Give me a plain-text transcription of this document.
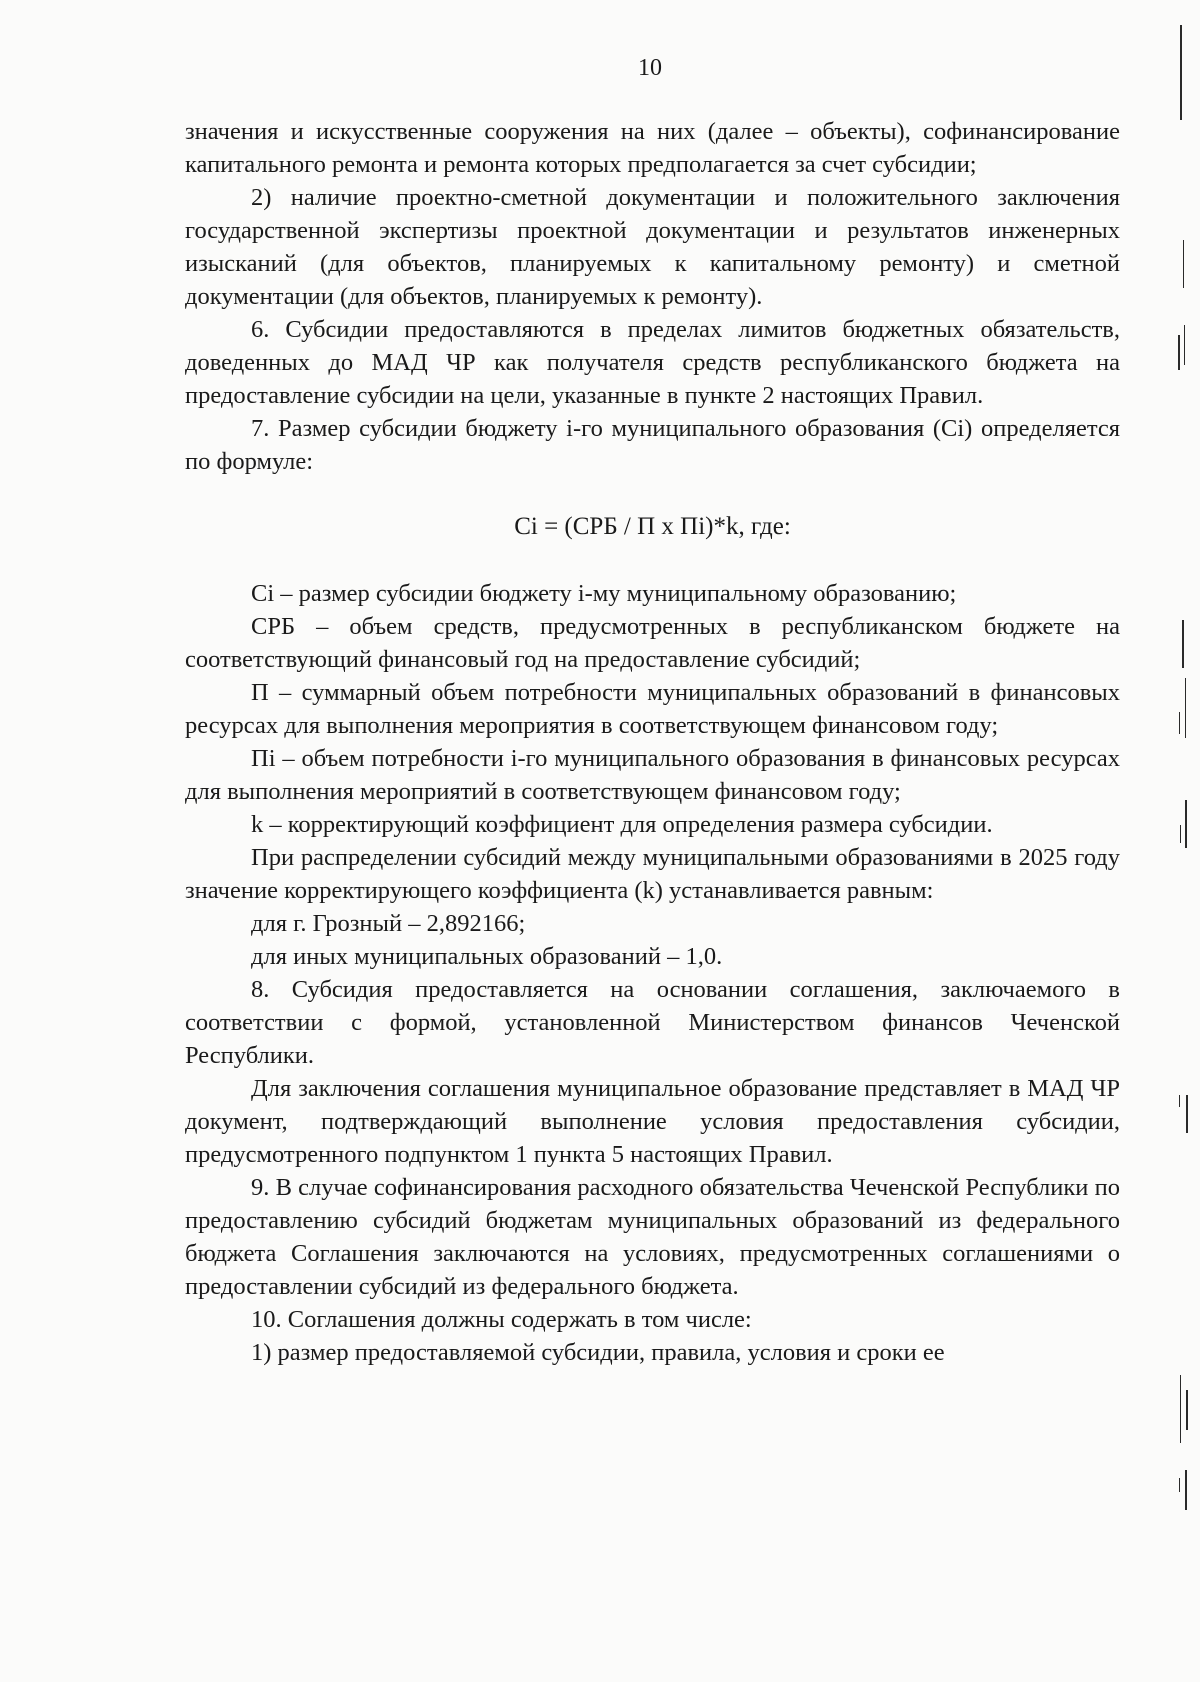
10

значения и искусственные сооружения на них (далее – объекты), софинансирование капитального ремонта и ремонта которых предполагается за счет субсидии;

2) наличие проектно-сметной документации и положительного заключения государственной экспертизы проектной документации и результатов инженерных изысканий (для объектов, планируемых к капитальному ремонту) и сметной документации (для объектов, планируемых к ремонту).

6. Субсидии предоставляются в пределах лимитов бюджетных обязательств, доведенных до МАД ЧР как получателя средств республиканского бюджета на предоставление субсидии на цели, указанные в пункте 2 настоящих Правил.

7. Размер субсидии бюджету i-го муниципального образования (Ci) определяется по формуле:

Ci = (СРБ / П х Пi)*k, где:

Ci – размер субсидии бюджету i-му муниципальному образованию;

СРБ – объем средств, предусмотренных в республиканском бюджете на соответствующий финансовый год на предоставление субсидий;

П – суммарный объем потребности муниципальных образований в финансовых ресурсах для выполнения мероприятия в соответствующем финансовом году;

Пi – объем потребности i-го муниципального образования в финансовых ресурсах для выполнения мероприятий в соответствующем финансовом году;

k – корректирующий коэффициент для определения размера субсидии.

При распределении субсидий между муниципальными образованиями в 2025 году значение корректирующего коэффициента (k) устанавливается равным:

для г. Грозный – 2,892166;

для иных муниципальных образований – 1,0.

8. Субсидия предоставляется на основании соглашения, заключаемого в соответствии с формой, установленной Министерством финансов Чеченской Республики.

Для заключения соглашения муниципальное образование представляет в МАД ЧР документ, подтверждающий выполнение условия предоставления субсидии, предусмотренного подпунктом 1 пункта 5 настоящих Правил.

9. В случае софинансирования расходного обязательства Чеченской Республики по предоставлению субсидий бюджетам муниципальных образований из федерального бюджета Соглашения заключаются на условиях, предусмотренных соглашениями о предоставлении субсидий из федерального бюджета.

10. Соглашения должны содержать в том числе:

1) размер предоставляемой субсидии, правила, условия и сроки ее
